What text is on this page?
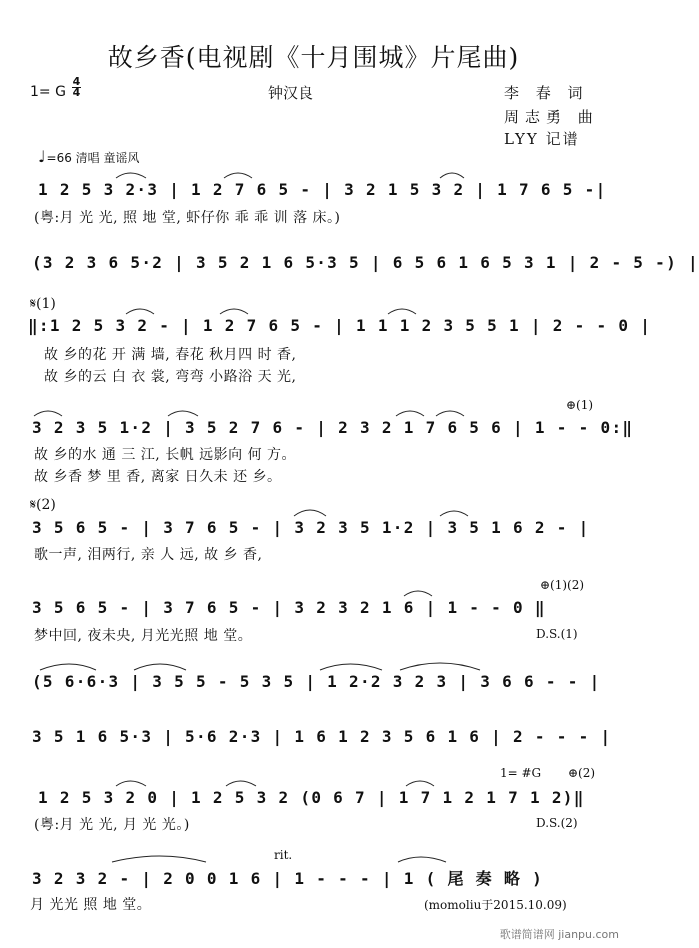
故乡香(电视剧《十月围城》片尾曲)
1= G
4
4	钟汉良	李 春 词
周志勇 曲
LYY 记谱
♩=66 清唱 童谣风
1 2 5 3 2·3 | 1 2 7 6 5 - | 3 2 1 5 3 2 | 1 7 6 5 -|
(粤:月 光 光, 照 地 堂, 虾仔你 乖 乖 训 落 床。)
(3 2 3 6 5·2 | 3 5 2 1 6 5·3 5 | 6 5 6 1 6 5 3 1 | 2 - 5 -) |
𝄋(1)
‖:1 2 5 3 2 - | 1 2 7 6 5 - | 1 1 1 2 3 5 5 1 | 2 - - 0 |
故 乡的花 开 满 墙, 春花 秋月四 时 香,
故 乡的云 白 衣 裳, 弯弯 小路浴 天 光,
⊕(1)
3 2 3 5 1·2 | 3 5 2 7 6 - | 2 3 2 1 7 6 5 6 | 1 - - 0:‖
故 乡的水 通 三 江, 长帆 远影向 何 方。
故 乡香 梦 里 香, 离家 日久未 还 乡。
𝄋(2)
3 5 6 5 - | 3 7 6 5 - | 3 2 3 5 1·2 | 3 5 1 6 2 - |
歌一声, 泪两行, 亲 人 远, 故 乡 香,
⊕(1)(2)
3 5 6 5 - | 3 7 6 5 - | 3 2 3 2 1 6 | 1 - - 0 ‖
梦中回, 夜未央, 月光光照 地 堂。	D.S.(1)
(5 6·6·3 | 3 5 5 - 5 3 5 | 1 2·2 3 2 3 | 3 6 6 - - |
3 5 1 6 5·3 | 5·6 2·3 | 1 6 1 2 3 5 6 1 6 | 2 - - - |
1= #G ⊕(2)
1 2 5 3 2 0 | 1 2 5 3 2 (0 6 7 | 1 7 1 2 1 7 1 2)‖
(粤:月 光 光, 月 光 光。)	D.S.(2)
rit.
3 2 3 2 - | 2 0 0 1 6 | 1 - - - | 1 ( 尾 奏 略 )
月 光光 照 地 堂。	(momoliu于2015.10.09)
歌谱简谱网 jianpu.com
